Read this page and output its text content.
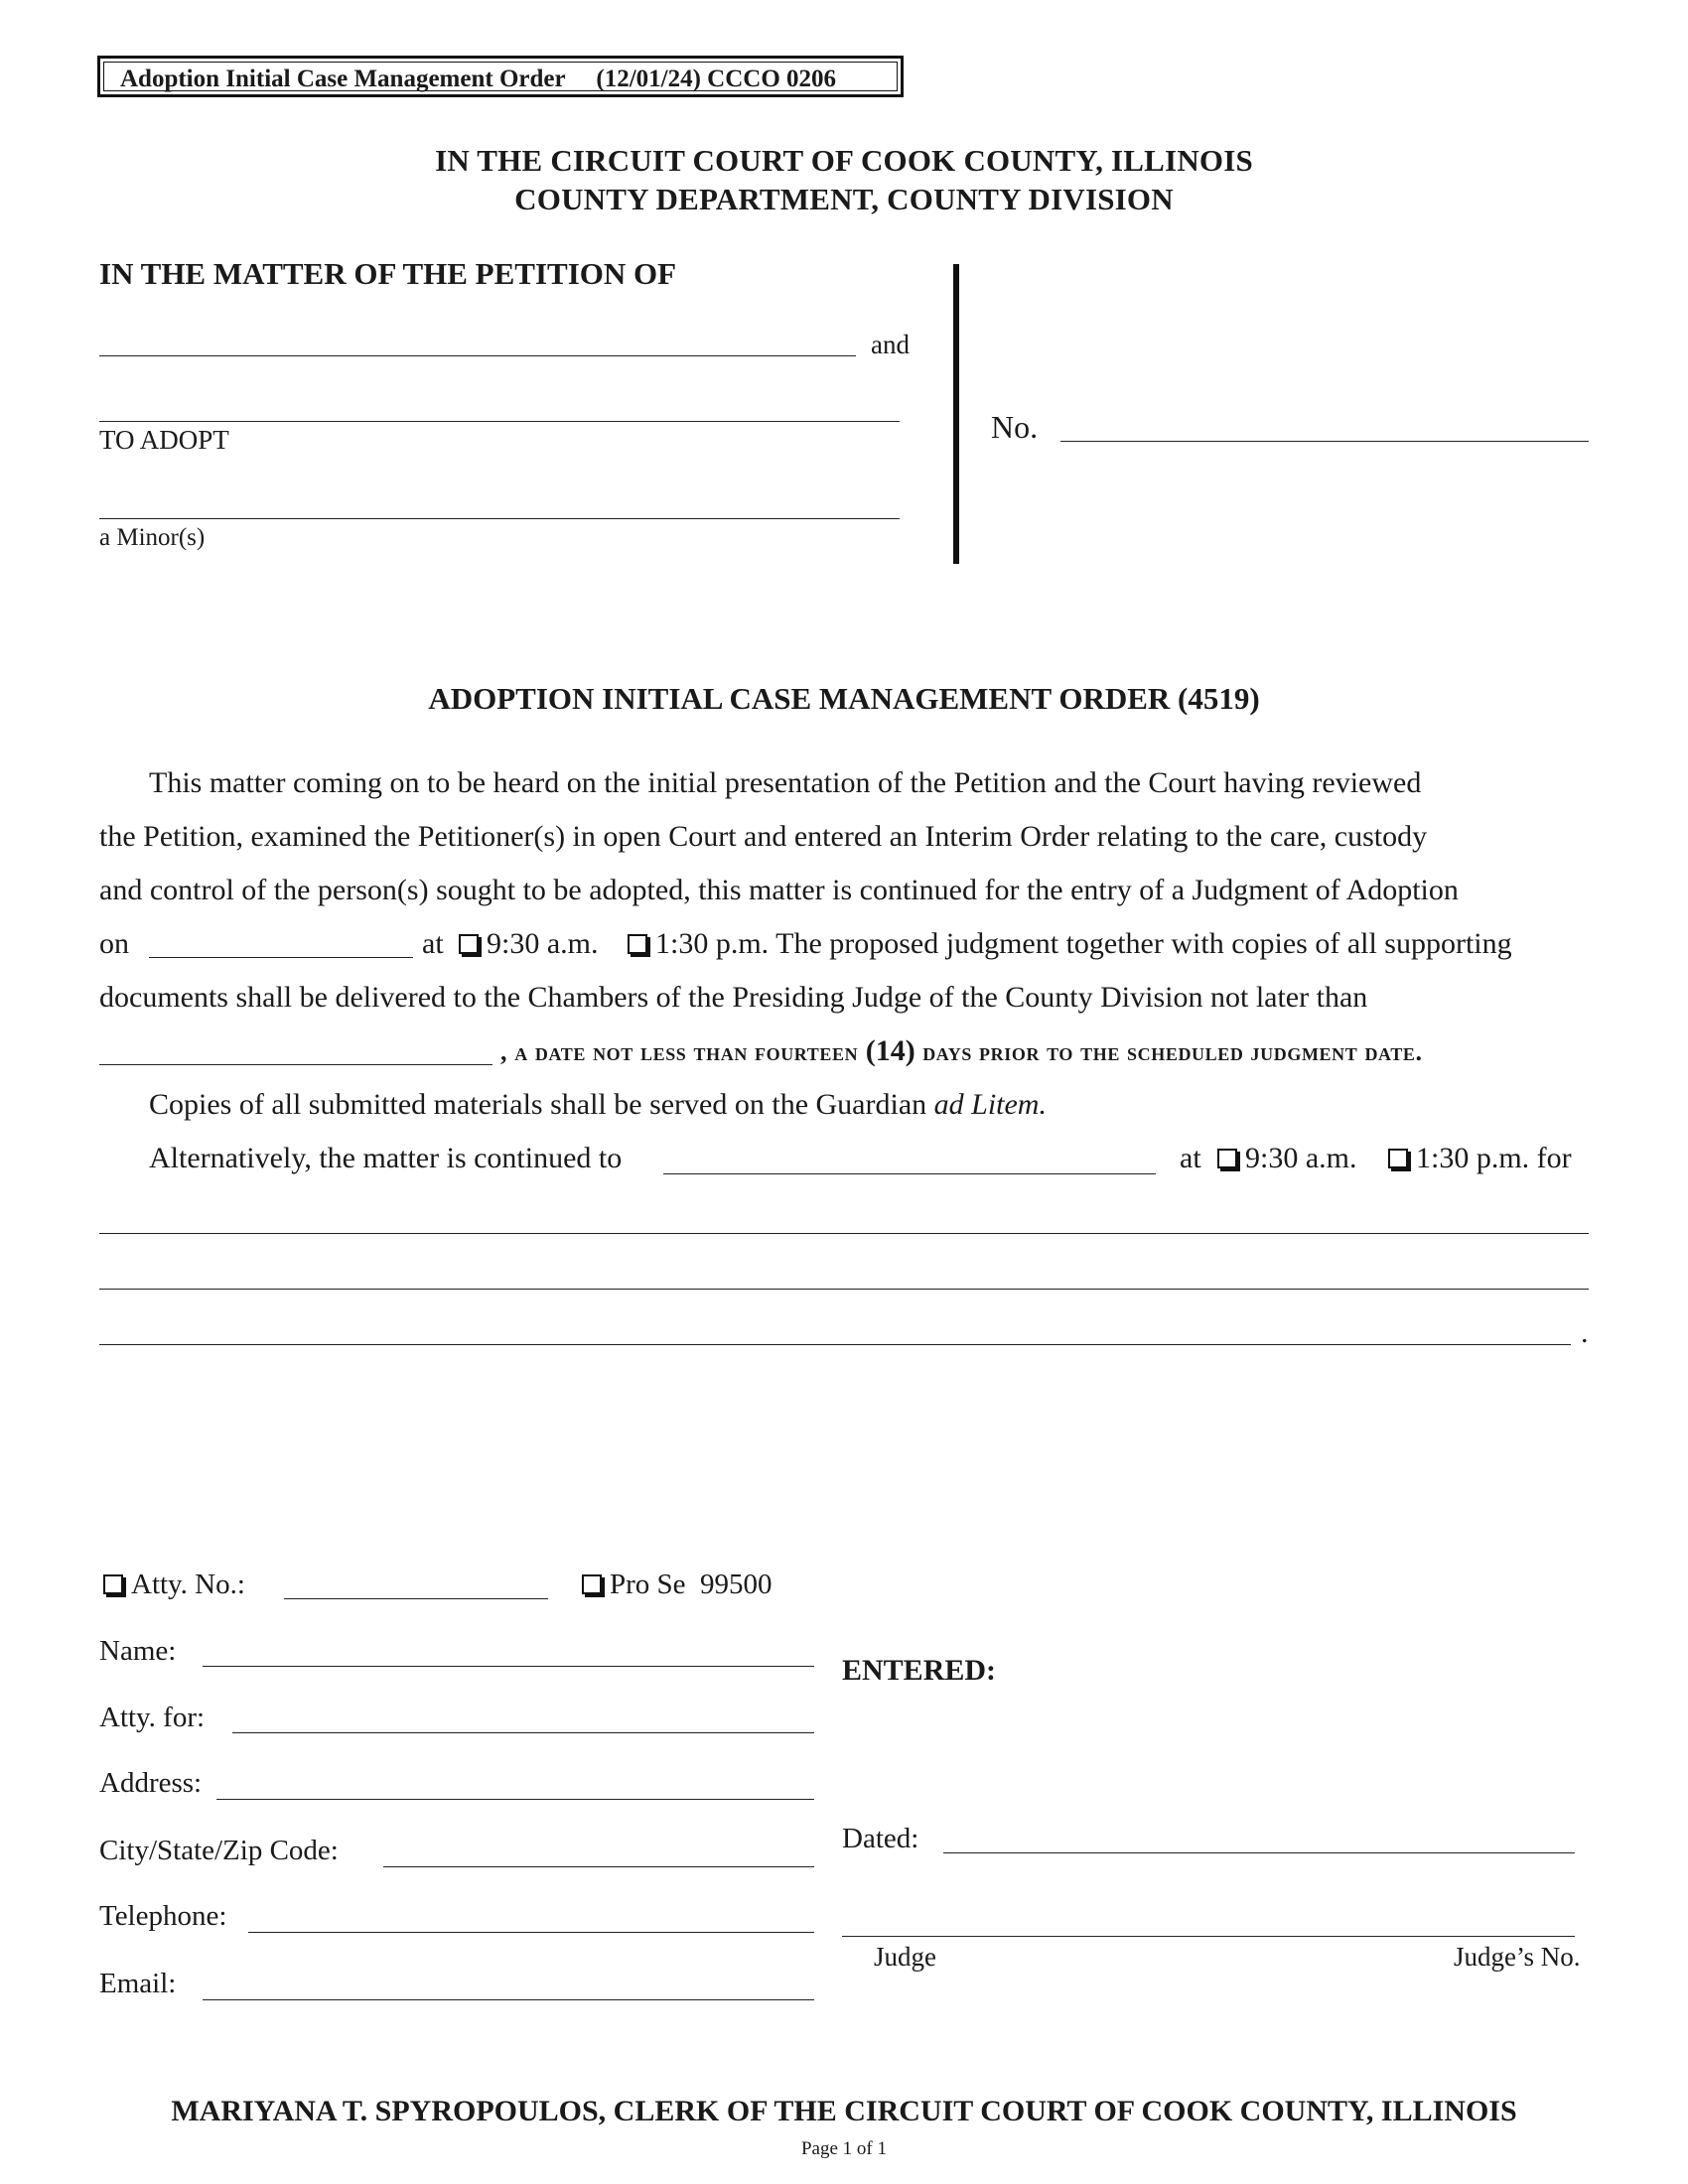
Adoption Initial Case Management Order     (12/01/24) CCCO 0206
IN THE CIRCUIT COURT OF COOK COUNTY, ILLINOIS
COUNTY DEPARTMENT, COUNTY DIVISION
IN THE MATTER OF THE PETITION OF
and
TO ADOPT
a Minor(s)
No.
ADOPTION INITIAL CASE MANAGEMENT ORDER (4519)
This matter coming on to be heard on the initial presentation of the Petition and the Court having reviewed
the Petition, examined the Petitioner(s) in open Court and entered an Interim Order relating to the care, custody
and control of the person(s) sought to be adopted, this matter is continued for the entry of a Judgment of Adoption
on	at	9:30 a.m.	1:30 p.m. The proposed judgment together with copies of all supporting
documents shall be delivered to the Chambers of the Presiding Judge of the County Division not later than
, a date not less than fourteen (14) days prior to the scheduled judgment date.
Copies of all submitted materials shall be served on the Guardian ad Litem.
Alternatively, the matter is continued to	at	9:30 a.m.	1:30 p.m. for
.
Atty. No.:	Pro Se  99500
Name:
Atty. for:
Address:
City/State/Zip Code:
Telephone:
Email:
ENTERED:
Dated:
Judge	Judge’s No.
MARIYANA T. SPYROPOULOS, CLERK OF THE CIRCUIT COURT OF COOK COUNTY, ILLINOIS
Page 1 of 1
